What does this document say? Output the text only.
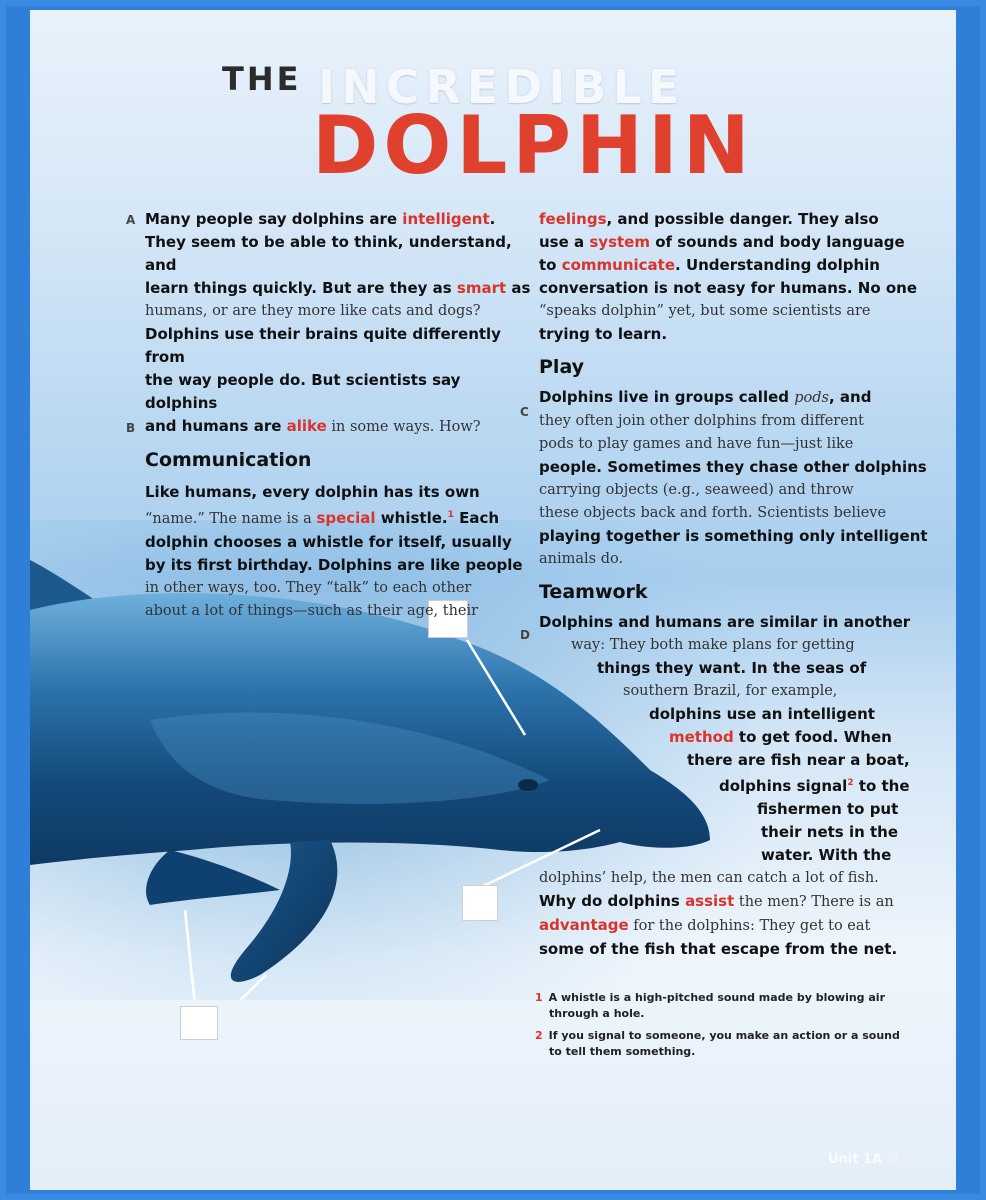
THE INCREDIBLE
DOLPHIN

Many people say dolphins are intelligent.

They seem to be able to think, understand, and

learn things quickly. But are they as smart as

humans, or are they more like cats and dogs?

Dolphins use their brains quite differently from

the way people do. But scientists say dolphins

and humans are alike in some ways. How?

Communication

Like humans, every dolphin has its own

“name.” The name is a special whistle.$^1$ Each

dolphin chooses a whistle for itself, usually

by its first birthday. Dolphins are like people

in other ways, too. They “talk” to each other

about a lot of things—such as their age, their

A
B

feelings, and possible danger. They also

use a system of sounds and body language

to communicate. Understanding dolphin

conversation is not easy for humans. No one

“speaks dolphin” yet, but some scientists are

trying to learn.

Play

Dolphins live in groups called pods, and

they often join other dolphins from different

pods to play games and have fun—just like

people. Sometimes they chase other dolphins

carrying objects (e.g., seaweed) and throw

these objects back and forth. Scientists believe

playing together is something only intelligent

animals do.

Teamwork

Dolphins and humans are similar in another

way: They both make plans for getting

things they want. In the seas of

southern Brazil, for example,

dolphins use an intelligent

method to get food. When

there are fish near a boat,

dolphins signal$^2$ to the

fishermen to put

their nets in the

water. With the

dolphins’ help, the men can catch a lot of fish.

Why do dolphins assist the men? There is an

advantage for the dolphins: They get to eat

some of the fish that escape from the net.

C
D
1 A whistle is a high-pitched sound made by blowing air through a hole.
2 If you signal to someone, you make an action or a sound to tell them something.
Unit 1A 9
